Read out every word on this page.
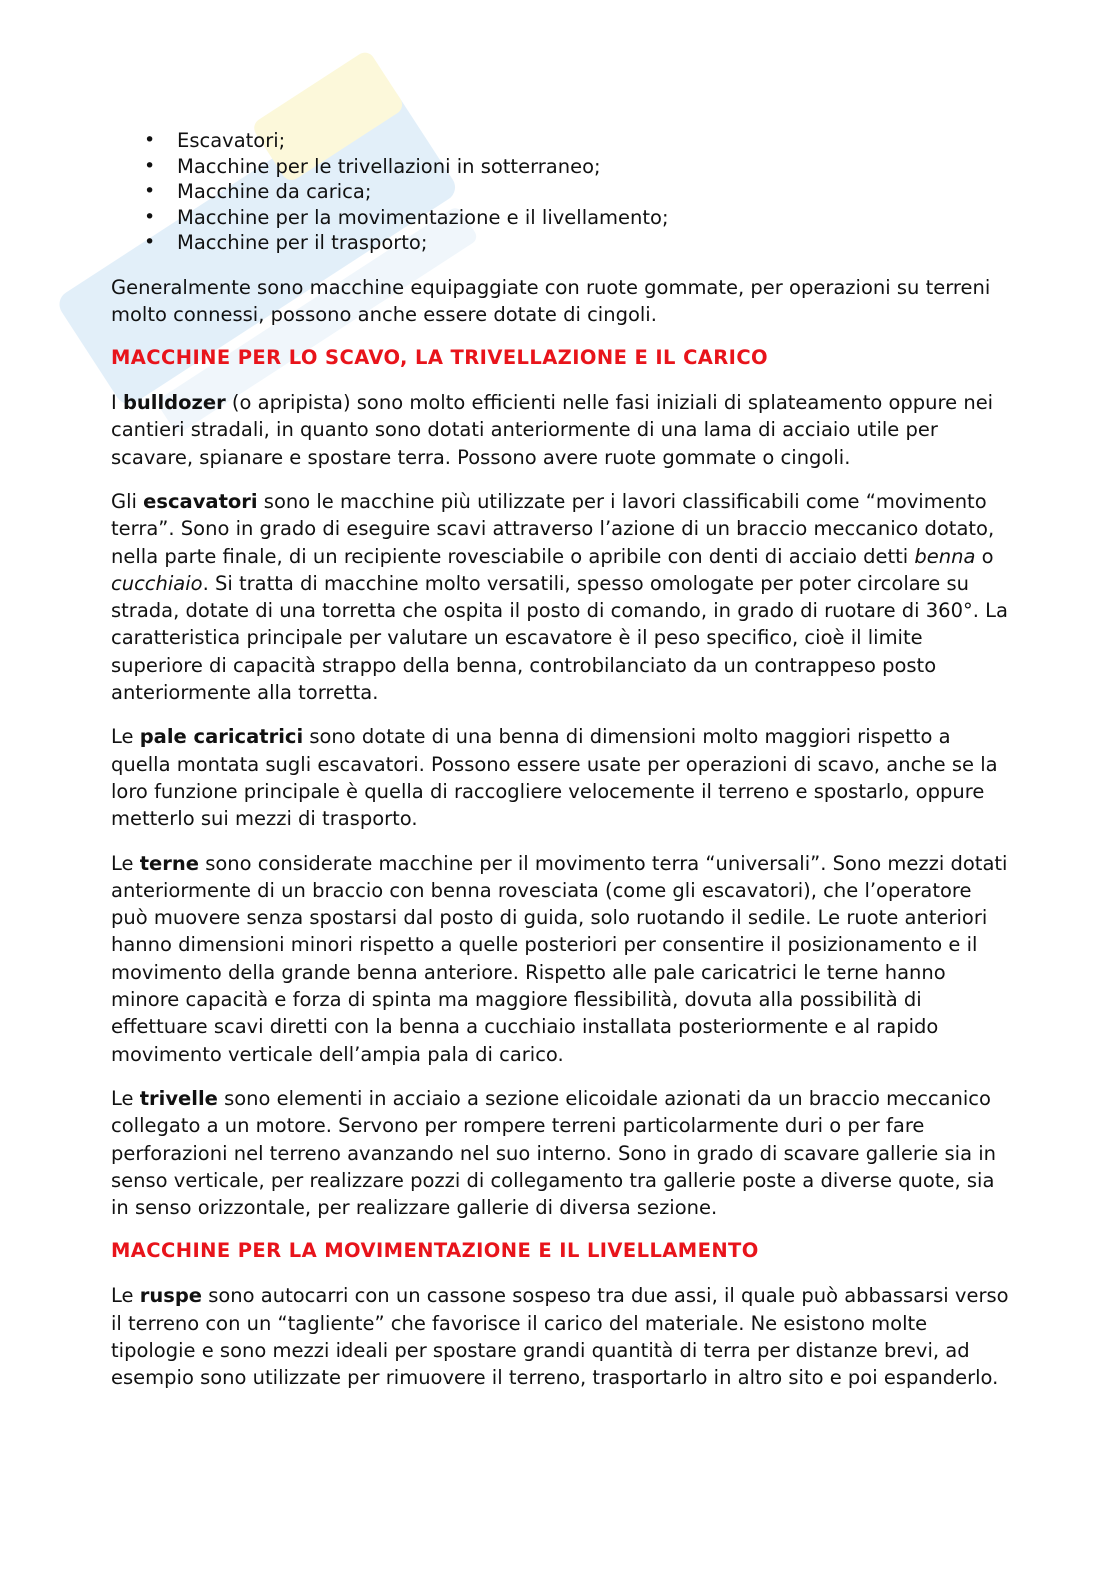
• Escavatori;
• Macchine per le trivellazioni in sotterraneo;
• Macchine da carica;
• Macchine per la movimentazione e il livellamento;
• Macchine per il trasporto;

Generalmente sono macchine equipaggiate con ruote gommate, per operazioni su terreni molto connessi, possono anche essere dotate di cingoli.

MACCHINE PER LO SCAVO, LA TRIVELLAZIONE E IL CARICO

I bulldozer (o apripista) sono molto efficienti nelle fasi iniziali di splateamento oppure nei cantieri stradali, in quanto sono dotati anteriormente di una lama di acciaio utile per scavare, spianare e spostare terra. Possono avere ruote gommate o cingoli.

Gli escavatori sono le macchine più utilizzate per i lavori classificabili come “movimento terra”. Sono in grado di eseguire scavi attraverso l’azione di un braccio meccanico dotato, nella parte finale, di un recipiente rovesciabile o apribile con denti di acciaio detti benna o cucchiaio. Si tratta di macchine molto versatili, spesso omologate per poter circolare su strada, dotate di una torretta che ospita il posto di comando, in grado di ruotare di 360°. La caratteristica principale per valutare un escavatore è il peso specifico, cioè il limite superiore di capacità strappo della benna, controbilanciato da un contrappeso posto anteriormente alla torretta.

Le pale caricatrici sono dotate di una benna di dimensioni molto maggiori rispetto a quella montata sugli escavatori. Possono essere usate per operazioni di scavo, anche se la loro funzione principale è quella di raccogliere velocemente il terreno e spostarlo, oppure metterlo sui mezzi di trasporto.

Le terne sono considerate macchine per il movimento terra “universali”. Sono mezzi dotati anteriormente di un braccio con benna rovesciata (come gli escavatori), che l’operatore può muovere senza spostarsi dal posto di guida, solo ruotando il sedile. Le ruote anteriori hanno dimensioni minori rispetto a quelle posteriori per consentire il posizionamento e il movimento della grande benna anteriore. Rispetto alle pale caricatrici le terne hanno minore capacità e forza di spinta ma maggiore flessibilità, dovuta alla possibilità di effettuare scavi diretti con la benna a cucchiaio installata posteriormente e al rapido movimento verticale dell’ampia pala di carico.

Le trivelle sono elementi in acciaio a sezione elicoidale azionati da un braccio meccanico collegato a un motore. Servono per rompere terreni particolarmente duri o per fare perforazioni nel terreno avanzando nel suo interno. Sono in grado di scavare gallerie sia in senso verticale, per realizzare pozzi di collegamento tra gallerie poste a diverse quote, sia in senso orizzontale, per realizzare gallerie di diversa sezione.

MACCHINE PER LA MOVIMENTAZIONE E IL LIVELLAMENTO

Le ruspe sono autocarri con un cassone sospeso tra due assi, il quale può abbassarsi verso il terreno con un “tagliente” che favorisce il carico del materiale. Ne esistono molte tipologie e sono mezzi ideali per spostare grandi quantità di terra per distanze brevi, ad esempio sono utilizzate per rimuovere il terreno, trasportarlo in altro sito e poi espanderlo.
